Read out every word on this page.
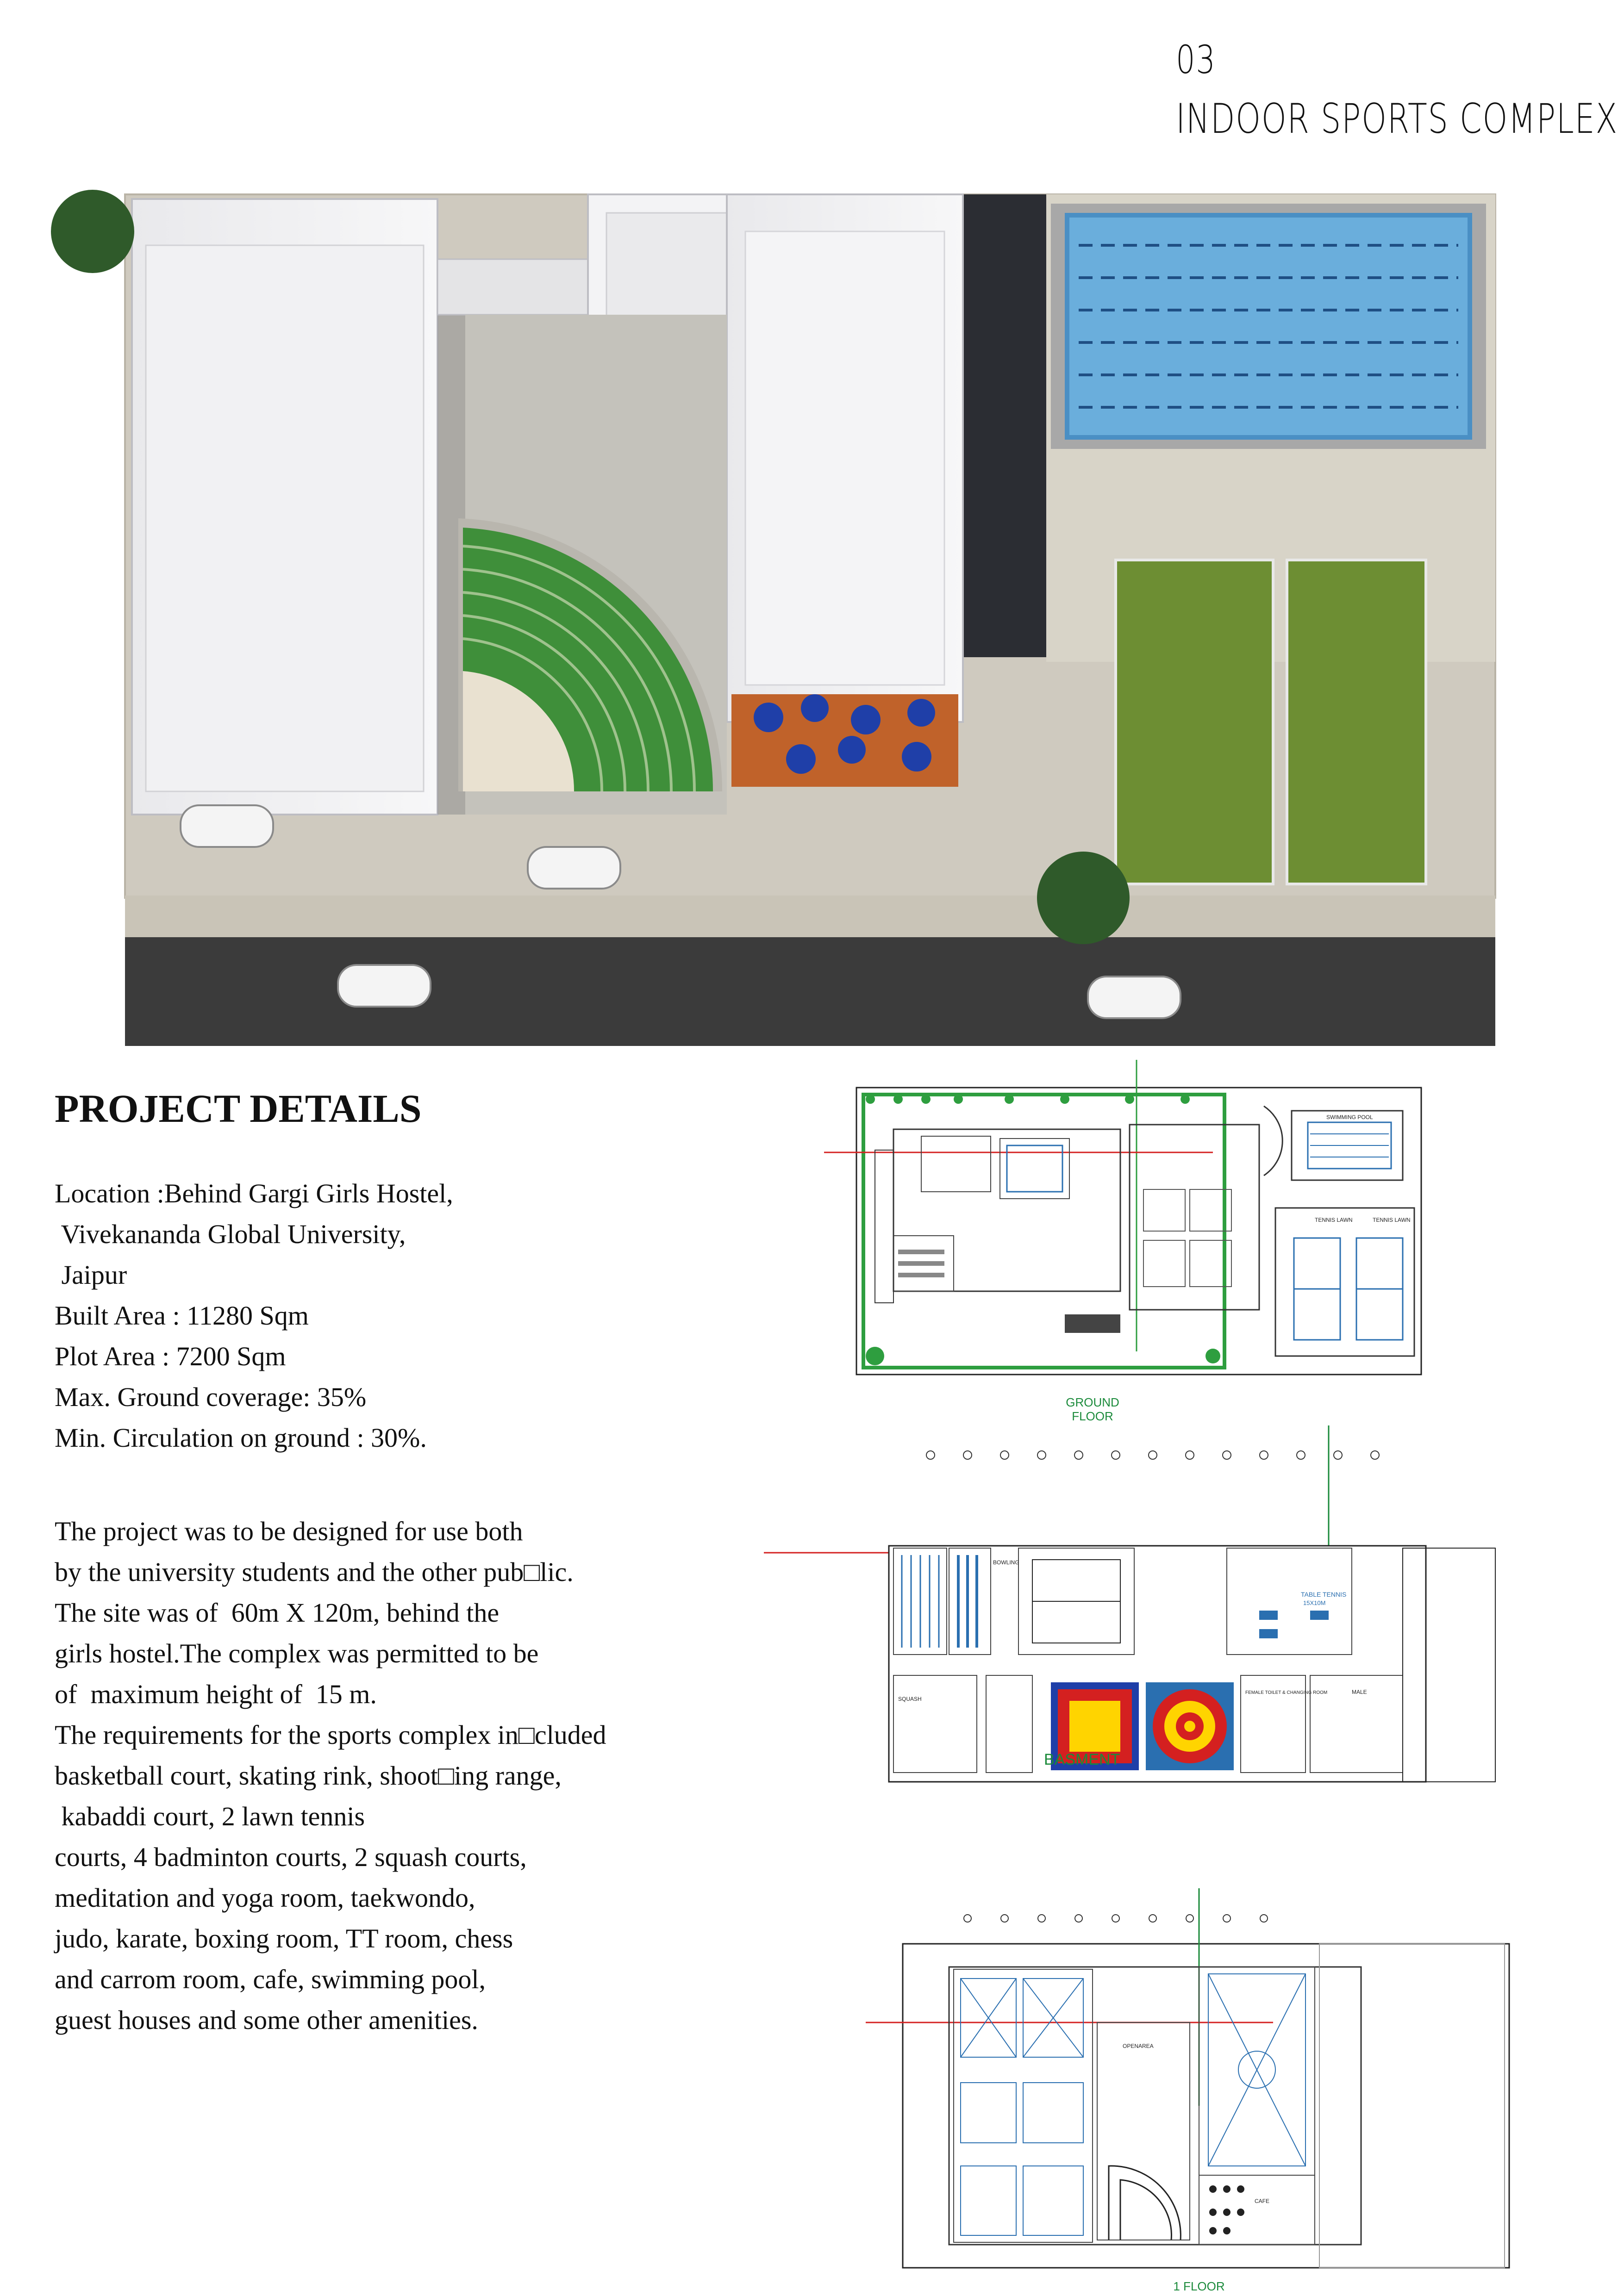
03
INDOOR SPORTS COMPLEX
PROJECT DETAILS
Location :Behind Gargi Girls Hostel,
Vivekananda Global University,
Jaipur
Built Area : 11280 Sqm
Plot Area : 7200 Sqm
Max. Ground coverage: 35%
Min. Circulation on ground : 30%.
The project was to be designed for use both
by the university students and the other pub□lic.
The site was of  60m X 120m, behind the
girls hostel.The complex was permitted to be
of  maximum height of  15 m.
The requirements for the sports complex in□cluded
basketball court, skating rink, shoot□ing range,
kabaddi court, 2 lawn tennis
courts, 4 badminton courts, 2 squash courts,
meditation and yoga room, taekwondo,
judo, karate, boxing room, TT room, chess
and carrom room, cafe, swimming pool,
guest houses and some other amenities.
TENNIS LAWN	TENNIS LAWN
SWIMMING POOL
GROUND
FLOOR
BOWLING
TABLE TENNIS
15X10M
SQUASH
FEMALE TOILET & CHANGING ROOM	MALE
BASMENT
OPENAREA
CAFE
1 FLOOR
